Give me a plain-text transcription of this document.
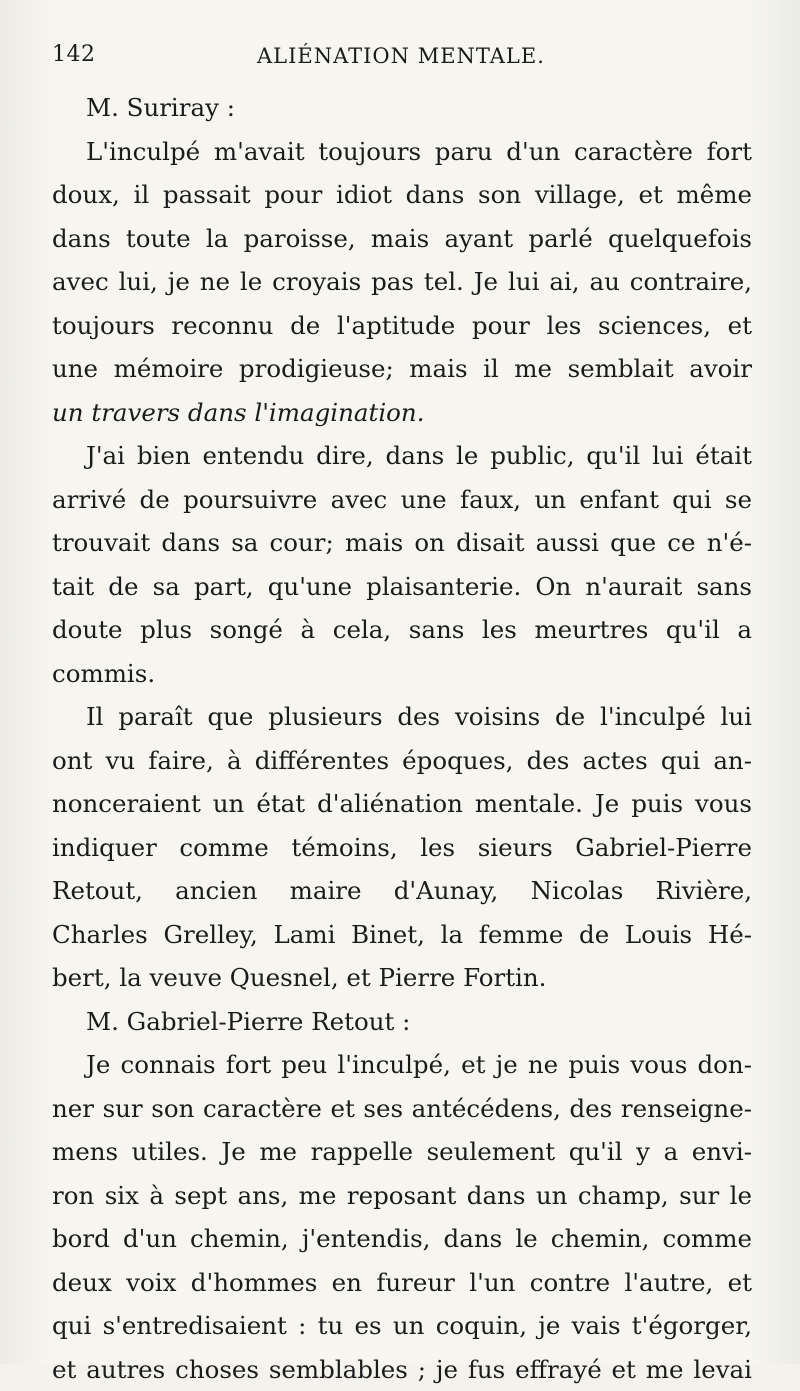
142	ALIÉNATION MENTALE.
M. Suriray :
L'inculpé m'avait toujours paru d'un caractère fort
doux, il passait pour idiot dans son village, et même
dans toute la paroisse, mais ayant parlé quelquefois
avec lui, je ne le croyais pas tel. Je lui ai, au contraire,
toujours reconnu de l'aptitude pour les sciences, et
une mémoire prodigieuse; mais il me semblait avoir
un travers dans l'imagination.
J'ai bien entendu dire, dans le public, qu'il lui était
arrivé de poursuivre avec une faux, un enfant qui se
trouvait dans sa cour; mais on disait aussi que ce n'é-
tait de sa part, qu'une plaisanterie. On n'aurait sans
doute plus songé à cela, sans les meurtres qu'il a
commis.
Il paraît que plusieurs des voisins de l'inculpé lui
ont vu faire, à différentes époques, des actes qui an-
nonceraient un état d'aliénation mentale. Je puis vous
indiquer comme témoins, les sieurs Gabriel-Pierre
Retout, ancien maire d'Aunay, Nicolas Rivière,
Charles Grelley, Lami Binet, la femme de Louis Hé-
bert, la veuve Quesnel, et Pierre Fortin.
M. Gabriel-Pierre Retout :
Je connais fort peu l'inculpé, et je ne puis vous don-
ner sur son caractère et ses antécédens, des renseigne-
mens utiles. Je me rappelle seulement qu'il y a envi-
ron six à sept ans, me reposant dans un champ, sur le
bord d'un chemin, j'entendis, dans le chemin, comme
deux voix d'hommes en fureur l'un contre l'autre, et
qui s'entredisaient : tu es un coquin, je vais t'égorger,
et autres choses semblables ; je fus effrayé et me levai
